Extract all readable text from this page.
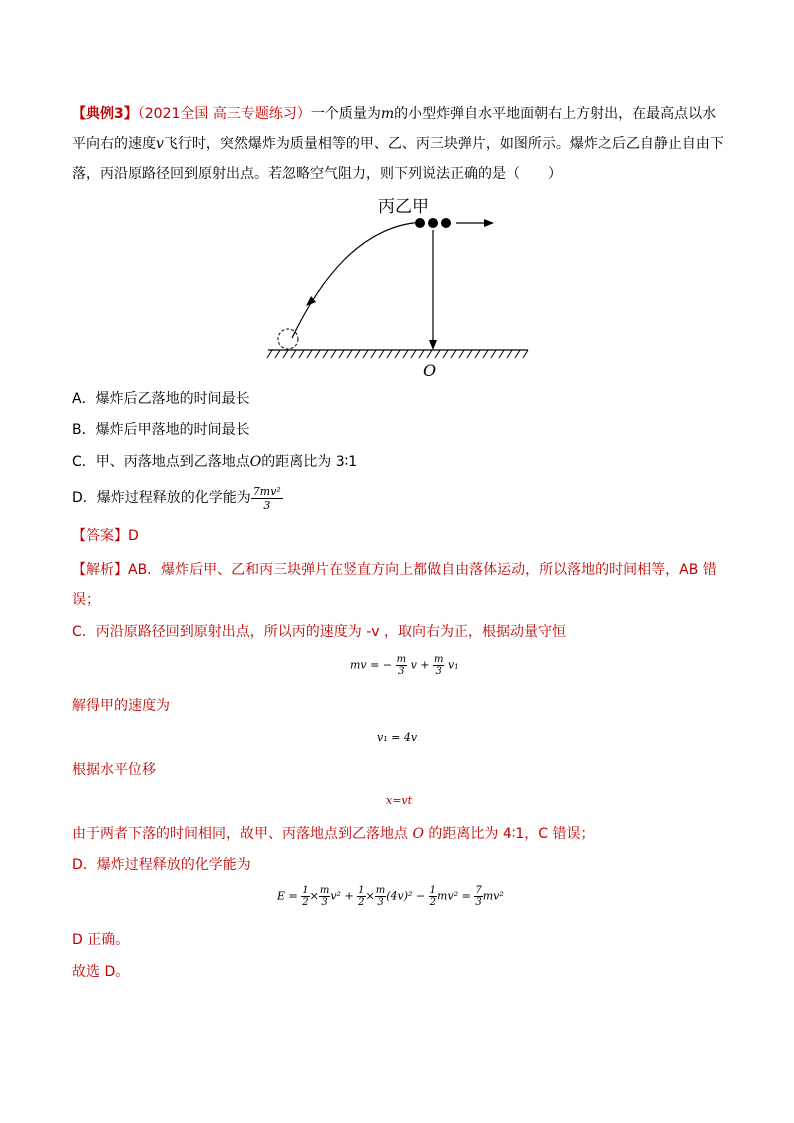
【典例3】（2021全国 高三专题练习）一个质量为m的小型炸弹自水平地面朝右上方射出，在最高点以水
平向右的速度v飞行时，突然爆炸为质量相等的甲、乙、丙三块弹片，如图所示。爆炸之后乙自静止自由下
落，丙沿原路径回到原射出点。若忽略空气阻力，则下列说法正确的是（　　）
丙乙甲
O
A．爆炸后乙落地的时间最长
B．爆炸后甲落地的时间最长
C．甲、丙落地点到乙落地点O的距离比为 3∶1
D．爆炸过程释放的化学能为 $\frac{\text{7mv²}}{3}$
【答案】D
【解析】AB．爆炸后甲、乙和丙三块弹片在竖直方向上都做自由落体运动，所以落地的时间相等，AB 错
误；
C．丙沿原路径回到原射出点，所以丙的速度为 -v ，取向右为正，根据动量守恒
mv = − $\frac{m}{3}$ $v + \frac{m}{3} v_1$
解得甲的速度为
v₁ = 4v
根据水平位移
x=vt
由于两者下落的时间相同，故甲、丙落地点到乙落地点 O 的距离比为 4∶1，C 错误；
D．爆炸过程释放的化学能为
$E = \frac{1}{2} \times \frac{m}{3} v^2 + \frac{1}{2} \times \frac{m}{3} (4v)^2 - \frac{1}{2} mv^2 = \frac{7}{3} mv^2$
D 正确。
故选 D。
